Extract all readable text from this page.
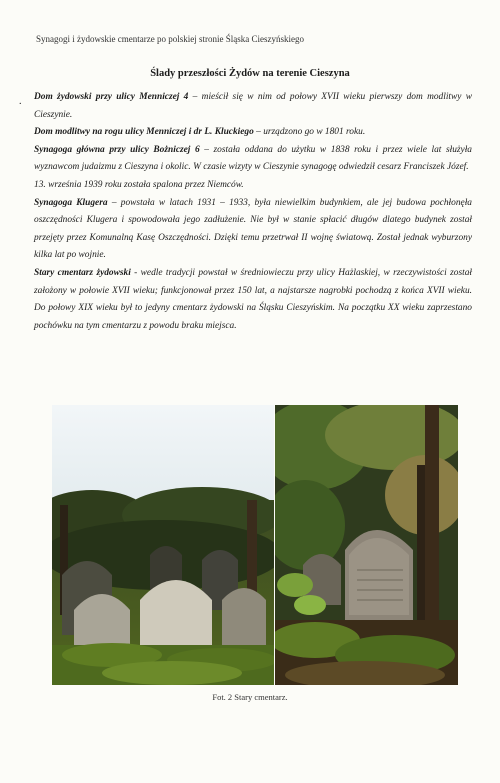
Synagogi i żydowskie cmentarze po polskiej stronie Śląska Cieszyńskiego
Ślady przeszłości Żydów na terenie Cieszyna
. Dom żydowski przy ulicy Menniczej 4 – mieścił się w nim od połowy XVII wieku pierwszy dom modlitwy w Cieszynie.

Dom modlitwy na rogu ulicy Menniczej i dr L. Kluckiego – urządzono go w 1801 roku.

Synagoga główna przy ulicy Bożniczej 6 – została oddana do użytku w 1838 roku i przez wiele lat służyła wyznawcom judaizmu z Cieszyna i okolic. W czasie wizyty w Cieszynie synagogę odwiedził cesarz Franciszek Józef.

13. września 1939 roku została spalona przez Niemców.

Synagoga Klugera – powstała w latach 1931 – 1933, była niewielkim budynkiem, ale jej budowa pochłonęła oszczędności Klugera i spowodowała jego zadłużenie. Nie był w stanie spłacić długów dlatego budynek został przejęty przez Komunalną Kasę Oszczędności. Dzięki temu przetrwał II wojnę światową. Został jednak wyburzony kilka lat po wojnie.

Stary cmentarz żydowski - wedle tradycji powstał w średniowieczu przy ulicy Hażlaskiej, w rzeczywistości został założony w połowie XVII wieku; funkcjonował przez 150 lat, a najstarsze nagrobki pochodzą z końca XVII wieku. Do połowy XIX wieku był to jedyny cmentarz żydowski na Śląsku Cieszyńskim. Na początku XX wieku zaprzestano pochówku na tym cmentarzu z powodu braku miejsca.

Fot. 2 Stary cmentarz.
